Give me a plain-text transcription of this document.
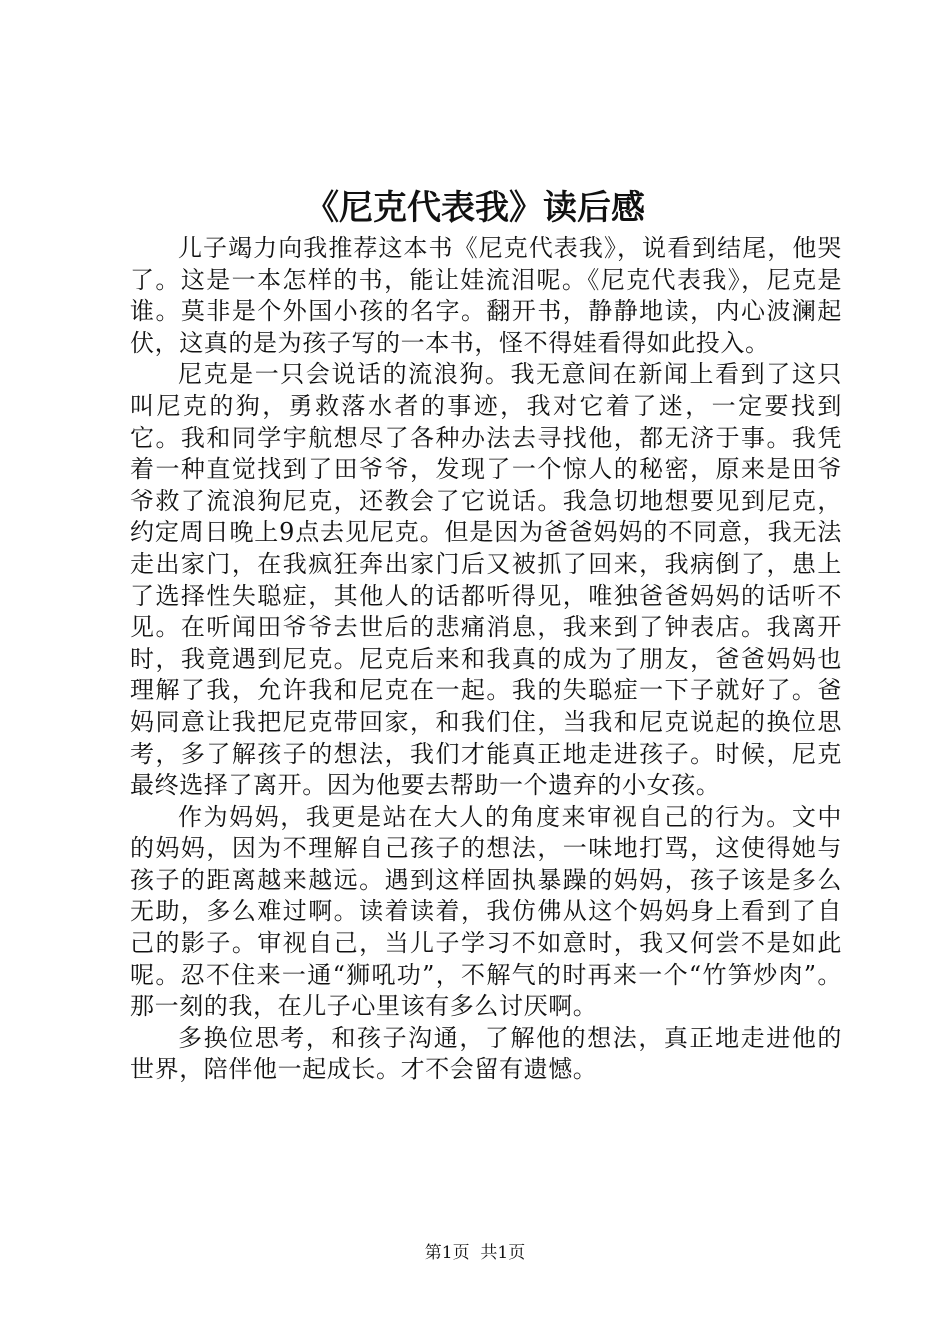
《尼克代表我》读后感

儿子竭力向我推荐这本书《尼克代表我》，说看到结尾，他哭了。这是一本怎样的书，能让娃流泪呢。《尼克代表我》，尼克是谁。莫非是个外国小孩的名字。翻开书，静静地读，内心波澜起伏，这真的是为孩子写的一本书，怪不得娃看得如此投入。

尼克是一只会说话的流浪狗。我无意间在新闻上看到了这只叫尼克的狗，勇救落水者的事迹，我对它着了迷，一定要找到它。我和同学宇航想尽了各种办法去寻找他，都无济于事。我凭着一种直觉找到了田爷爷，发现了一个惊人的秘密，原来是田爷爷救了流浪狗尼克，还教会了它说话。我急切地想要见到尼克，约定周日晚上9点去见尼克。但是因为爸爸妈妈的不同意，我无法走出家门，在我疯狂奔出家门后又被抓了回来，我病倒了，患上了选择性失聪症，其他人的话都听得见，唯独爸爸妈妈的话听不见。在听闻田爷爷去世后的悲痛消息，我来到了钟表店。我离开时，我竟遇到尼克。尼克后来和我真的成为了朋友，爸爸妈妈也理解了我，允许我和尼克在一起。我的失聪症一下子就好了。爸妈同意让我把尼克带回家，和我们住，当我和尼克说起的换位思考，多了解孩子的想法，我们才能真正地走进孩子。时候，尼克最终选择了离开。因为他要去帮助一个遗弃的小女孩。

作为妈妈，我更是站在大人的角度来审视自己的行为。文中的妈妈，因为不理解自己孩子的想法，一味地打骂，这使得她与孩子的距离越来越远。遇到这样固执暴躁的妈妈，孩子该是多么无助，多么难过啊。读着读着，我仿佛从这个妈妈身上看到了自己的影子。审视自己，当儿子学习不如意时，我又何尝不是如此呢。忍不住来一通“狮吼功”，不解气的时再来一个“竹笋炒肉”。那一刻的我，在儿子心里该有多么讨厌啊。

多换位思考，和孩子沟通，了解他的想法，真正地走进他的世界，陪伴他一起成长。才不会留有遗憾。

第1页 共1页
